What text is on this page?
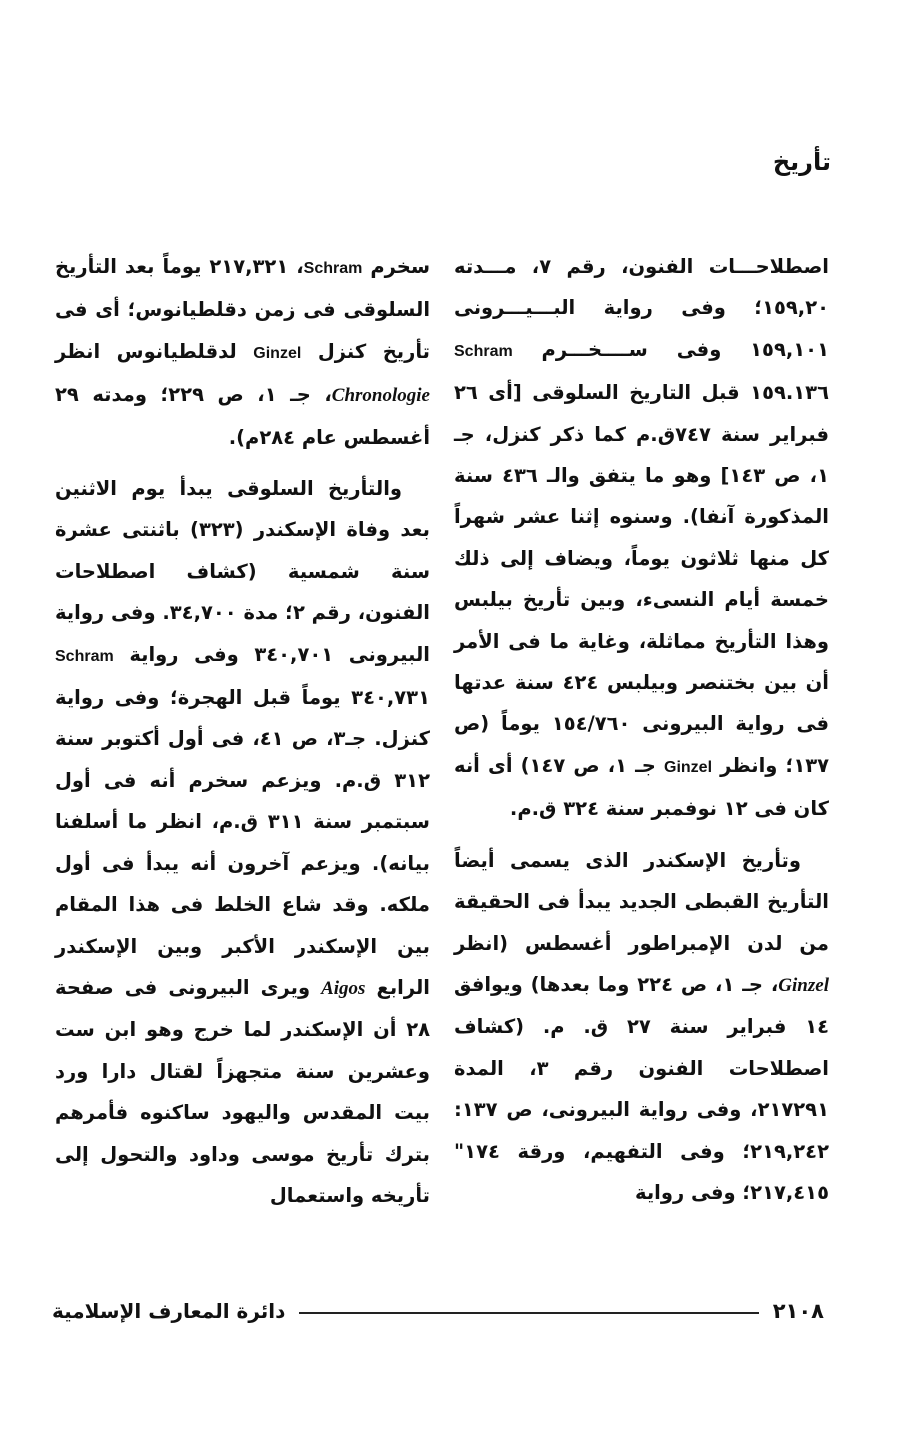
تأريخ

اصطلاحـــات الفنون، رقم ٧، مـــدته ١٥٩,٢٠؛ وفى رواية البـــيـــرونى ١٥٩,١٠١ وفى ســــخـــرم Schram ١٥٩.١٣٦ قبل التاريخ السلوقى [أى ٢٦ فبراير سنة ٧٤٧ق.م كما ذكر كنزل، جـ ١، ص ١٤٣] وهو ما يتفق والـ ٤٣٦ سنة المذكورة آنفا). وسنوه إثنا عشر شهراً كل منها ثلاثون يوماً، ويضاف إلى ذلك خمسة أيام النسىء، وبين تأريخ بيلبس وهذا التأريخ مماثلة، وغاية ما فى الأمر أن بين بختنصر وبيلبس ٤٢٤ سنة عدتها فى رواية البيرونى ١٥٤/٧٦٠ يوماً (ص ١٣٧؛ وانظر Ginzel جـ ١، ص ١٤٧) أى أنه كان فى ١٢ نوفمبر سنة ٣٢٤ ق.م.

وتأريخ الإسكندر الذى يسمى أيضاً التأريخ القبطى الجديد يبدأ فى الحقيقة من لدن الإمبراطور أغسطس (انظر Ginzel، جـ ١، ص ٢٢٤ وما بعدها) ويوافق ١٤ فبراير سنة ٢٧ ق. م. (كشاف اصطلاحات الفنون رقم ٣، المدة ٢١٧٢٩١، وفى رواية البيرونى، ص ١٣٧: ٢١٩,٢٤٢؛ وفى التفهيم، ورقة ١٧٤" ٢١٧,٤١٥؛ وفى رواية

سخرم Schram، ٢١٧,٣٢١ يوماً بعد التأريخ السلوقى فى زمن دقلطيانوس؛ أى فى تأريخ كنزل Ginzel لدقلطيانوس انظر Chronologie، جـ ١، ص ٢٢٩؛ ومدته ٢٩ أغسطس عام ٢٨٤م).

والتأريخ السلوقى يبدأ يوم الاثنين بعد وفاة الإسكندر (٣٢٣) باثنتى عشرة سنة شمسية (كشاف اصطلاحات الفنون، رقم ٢؛ مدة ٣٤,٧٠٠. وفى رواية البيرونى ٣٤٠,٧٠١ وفى رواية Schram ٣٤٠,٧٣١ يوماً قبل الهجرة؛ وفى رواية كنزل. جـ٣، ص ٤١، فى أول أكتوبر سنة ٣١٢ ق.م. ويزعم سخرم أنه فى أول سبتمبر سنة ٣١١ ق.م، انظر ما أسلفنا بيانه). ويزعم آخرون أنه يبدأ فى أول ملكه. وقد شاع الخلط فى هذا المقام بين الإسكندر الأكبر وبين الإسكندر الرابع Aigos ويرى البيرونى فى صفحة ٢٨ أن الإسكندر لما خرج وهو ابن ست وعشرين سنة متجهزاً لقتال دارا ورد بيت المقدس واليهود ساكنوه فأمرهم بترك تأريخ موسى وداود والتحول إلى تأريخه واستعمال

٢١٠٨
دائرة المعارف الإسلامية
